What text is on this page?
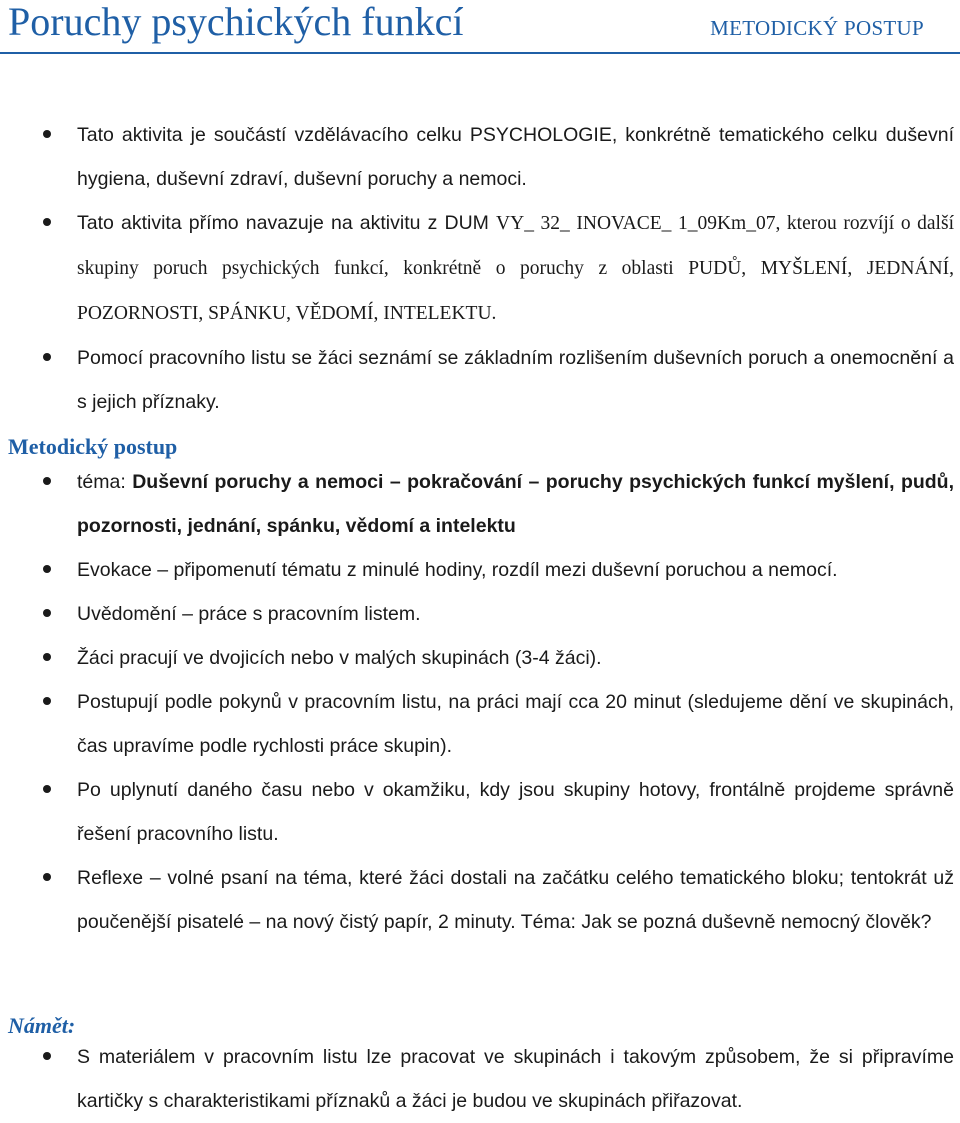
Poruchy psychických funkcí	METODICKÝ POSTUP
Tato aktivita je součástí vzdělávacího celku PSYCHOLOGIE, konkrétně tematického celku duševní hygiena, duševní zdraví, duševní poruchy a nemoci.
Tato aktivita přímo navazuje na aktivitu z DUM VY_ 32_ INOVACE_ 1_09Km_07, kterou rozvíjí o další skupiny poruch psychických funkcí, konkrétně o poruchy z oblasti PUDŮ, MYŠLENÍ, JEDNÁNÍ, POZORNOSTI, SPÁNKU, VĚDOMÍ, INTELEKTU.
Pomocí pracovního listu se žáci seznámí se základním rozlišením duševních poruch a onemocnění a s jejich příznaky.
Metodický postup
téma: Duševní poruchy a nemoci – pokračování – poruchy psychických funkcí myšlení, pudů, pozornosti, jednání, spánku, vědomí a intelektu
Evokace – připomenutí tématu z minulé hodiny, rozdíl mezi duševní poruchou a nemocí.
Uvědomění – práce s pracovním listem.
Žáci pracují ve dvojicích nebo v malých skupinách (3-4 žáci).
Postupují podle pokynů v pracovním listu, na práci mají cca 20 minut (sledujeme dění ve skupinách, čas upravíme podle rychlosti práce skupin).
Po uplynutí daného času nebo v okamžiku, kdy jsou skupiny hotovy, frontálně projdeme správně řešení pracovního listu.
Reflexe – volné psaní na téma, které žáci dostali na začátku celého tematického bloku; tentokrát už poučenější pisatelé – na nový čistý papír, 2 minuty. Téma: Jak se pozná duševně nemocný člověk?
Námět:
S materiálem v pracovním listu lze pracovat ve skupinách i takovým způsobem, že si připravíme kartičky s charakteristikami příznaků a žáci je budou ve skupinách přiřazovat.
